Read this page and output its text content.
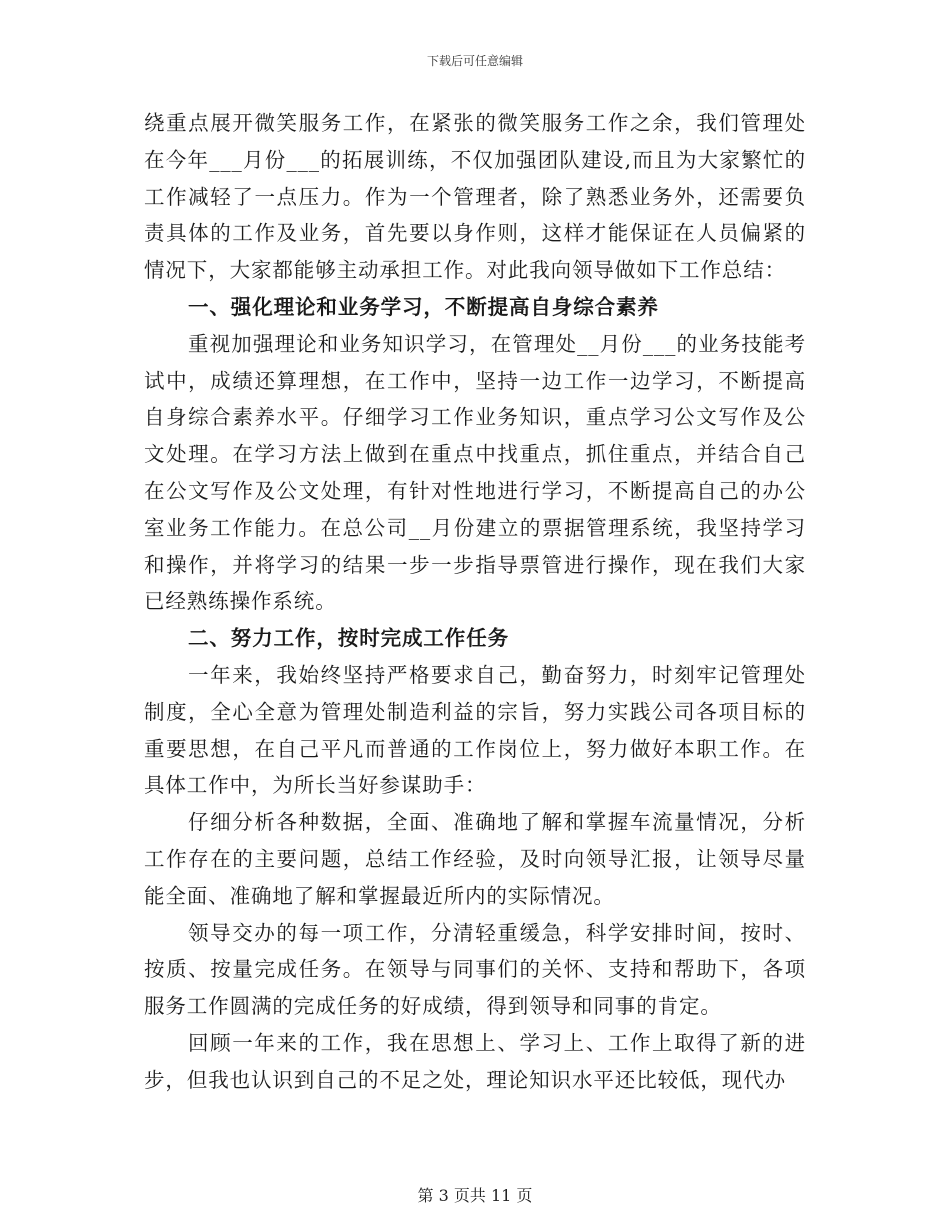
下载后可任意编辑

绕重点展开微笑服务工作，在紧张的微笑服务工作之余，我们管理处在今年___月份___的拓展训练，不仅加强团队建设,而且为大家繁忙的工作减轻了一点压力。作为一个管理者，除了熟悉业务外，还需要负责具体的工作及业务，首先要以身作则，这样才能保证在人员偏紧的情况下，大家都能够主动承担工作。对此我向领导做如下工作总结：

一、强化理论和业务学习，不断提高自身综合素养

重视加强理论和业务知识学习，在管理处__月份___的业务技能考试中，成绩还算理想，在工作中，坚持一边工作一边学习，不断提高自身综合素养水平。仔细学习工作业务知识，重点学习公文写作及公文处理。在学习方法上做到在重点中找重点，抓住重点，并结合自己在公文写作及公文处理，有针对性地进行学习，不断提高自己的办公室业务工作能力。在总公司__月份建立的票据管理系统，我坚持学习和操作，并将学习的结果一步一步指导票管进行操作，现在我们大家已经熟练操作系统。

二、努力工作，按时完成工作任务

一年来，我始终坚持严格要求自己，勤奋努力，时刻牢记管理处制度，全心全意为管理处制造利益的宗旨，努力实践公司各项目标的重要思想，在自己平凡而普通的工作岗位上，努力做好本职工作。在具体工作中，为所长当好参谋助手：

仔细分析各种数据，全面、准确地了解和掌握车流量情况，分析工作存在的主要问题，总结工作经验，及时向领导汇报，让领导尽量能全面、准确地了解和掌握最近所内的实际情况。

领导交办的每一项工作，分清轻重缓急，科学安排时间，按时、按质、按量完成任务。在领导与同事们的关怀、支持和帮助下，各项服务工作圆满的完成任务的好成绩，得到领导和同事的肯定。

回顾一年来的工作，我在思想上、学习上、工作上取得了新的进步，但我也认识到自己的不足之处，理论知识水平还比较低，现代办

第 3 页共 11 页
